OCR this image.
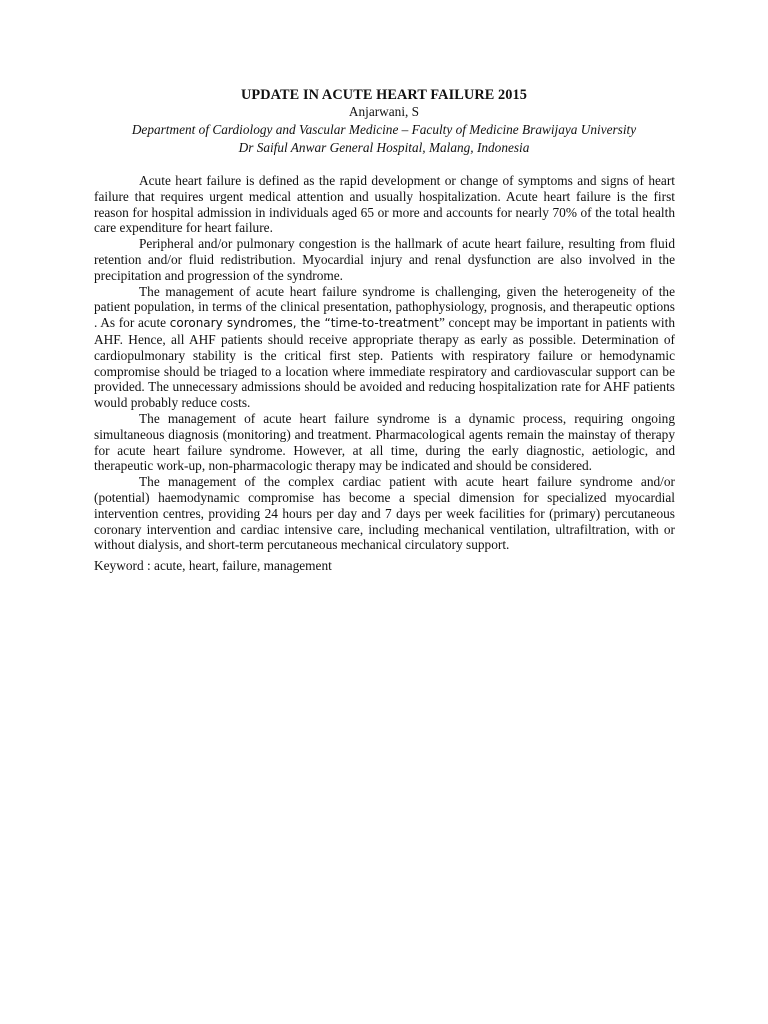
UPDATE IN ACUTE HEART FAILURE 2015

Anjarwani, S

Department of Cardiology and Vascular Medicine – Faculty of Medicine Brawijaya University

Dr Saiful Anwar General Hospital, Malang, Indonesia

Acute heart failure is defined as the rapid development or change of symptoms and signs of heart failure that requires urgent medical attention and usually hospitalization. Acute heart failure is the first reason for hospital admission in individuals aged 65 or more and accounts for nearly 70% of the total health care expenditure for heart failure.

Peripheral and/or pulmonary congestion is the hallmark of acute heart failure, resulting from fluid retention and/or fluid redistribution. Myocardial injury and renal dysfunction are also involved in the precipitation and progression of the syndrome.

The management of acute heart failure syndrome is challenging, given the heterogeneity of the patient population, in terms of the clinical presentation, pathophysiology, prognosis, and therapeutic options . As for acute coronary syndromes, the “time-to-treatment” concept may be important in patients with AHF. Hence, all AHF patients should receive appropriate therapy as early as possible. Determination of cardiopulmonary stability is the critical first step. Patients with respiratory failure or hemodynamic compromise should be triaged to a location where immediate respiratory and cardiovascular support can be provided. The unnecessary admissions should be avoided and reducing hospitalization rate for AHF patients would probably reduce costs.

The management of acute heart failure syndrome is a dynamic process, requiring ongoing simultaneous diagnosis (monitoring) and treatment. Pharmacological agents remain the mainstay of therapy for acute heart failure syndrome. However, at all time, during the early diagnostic, aetiologic, and therapeutic work-up, non-pharmacologic therapy may be indicated and should be considered.

The management of the complex cardiac patient with acute heart failure syndrome and/or (potential) haemodynamic compromise has become a special dimension for specialized myocardial intervention centres, providing 24 hours per day and 7 days per week facilities for (primary) percutaneous coronary intervention and cardiac intensive care, including mechanical ventilation, ultrafiltration, with or without dialysis, and short-term percutaneous mechanical circulatory support.

Keyword : acute, heart, failure, management
